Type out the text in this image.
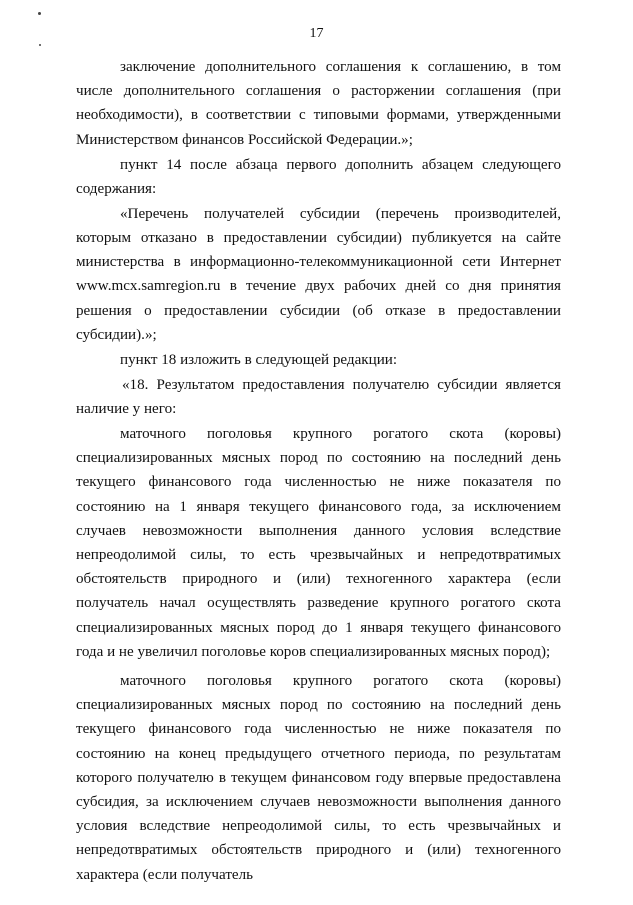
17

заключение дополнительного соглашения к соглашению, в том числе дополнительного соглашения о расторжении соглашения (при необходимости), в соответствии с типовыми формами, утвержденными Министерством финансов Российской Федерации.»;

пункт 14 после абзаца первого дополнить абзацем следующего содержания:

«Перечень получателей субсидии (перечень производителей, которым отказано в предоставлении субсидии) публикуется на сайте министерства в информационно-телекоммуникационной сети Интернет www.mcx.samregion.ru в течение двух рабочих дней со дня принятия решения о предоставлении субсидии (об отказе в предоставлении субсидии).»;

пункт 18 изложить в следующей редакции:

«18. Результатом предоставления получателю субсидии является наличие у него:

маточного поголовья крупного рогатого скота (коровы) специализированных мясных пород по состоянию на последний день текущего финансового года численностью не ниже показателя по состоянию на 1 января текущего финансового года, за исключением случаев невозможности выполнения данного условия вследствие непреодолимой силы, то есть чрезвычайных и непредотвратимых обстоятельств природного и (или) техногенного характера (если получатель начал осуществлять разведение крупного рогатого скота специализированных мясных пород до 1 января текущего финансового года и не увеличил поголовье коров специализированных мясных пород);

маточного поголовья крупного рогатого скота (коровы) специализированных мясных пород по состоянию на последний день текущего финансового года численностью не ниже показателя по состоянию на конец предыдущего отчетного периода, по результатам которого получателю в текущем финансовом году впервые предоставлена субсидия, за исключением случаев невозможности выполнения данного условия вследствие непреодолимой силы, то есть чрезвычайных и непредотвратимых обстоятельств природного и (или) техногенного характера (если получатель
